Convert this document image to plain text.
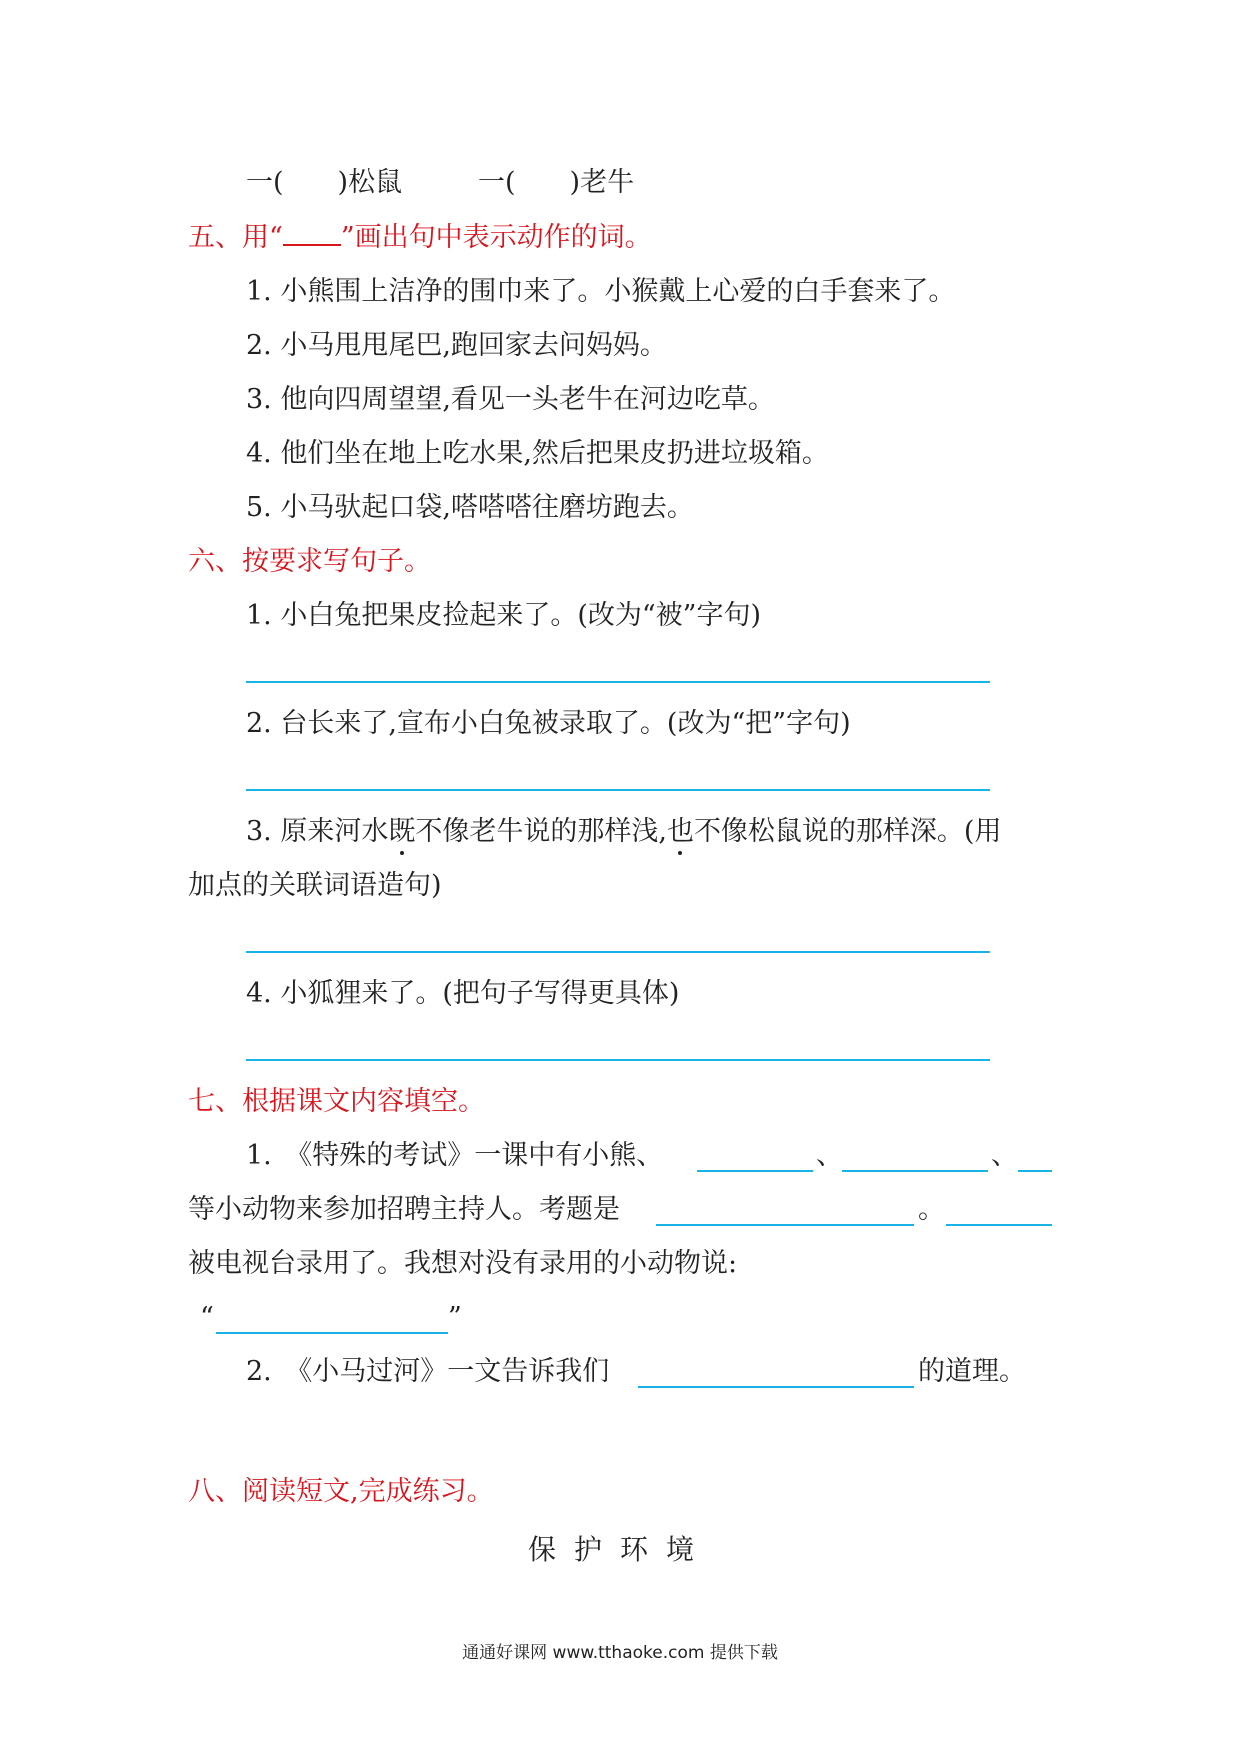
一(　　)松鼠	一(　　)老牛
五、用“ ”画出句中表示动作的词。
1. 小熊围上洁净的围巾来了。小猴戴上心爱的白手套来了。
2. 小马甩甩尾巴,跑回家去问妈妈。
3. 他向四周望望,看见一头老牛在河边吃草。
4. 他们坐在地上吃水果,然后把果皮扔进垃圾箱。
5. 小马驮起口袋,嗒嗒嗒往磨坊跑去。
六、按要求写句子。
1. 小白兔把果皮捡起来了。(改为“被”字句)
2. 台长来了,宣布小白兔被录取了。(改为“把”字句)
3. 原来河水既
不像老牛说的那样浅,也
不像松鼠说的那样深。(用
加点的关联词语造句)
4. 小狐狸来了。(把句子写得更具体)
七、根据课文内容填空。
1.　《特殊的考试》一课中有小熊、	、	、
等小动物来参加招聘主持人。考题是	。
被电视台录用了。我想对没有录用的小动物说:
“	”
2.　《小马过河》一文告诉我们	的道理。
八、阅读短文,完成练习。
保护环境
通通好课网 www.tthaoke.com 提供下载
